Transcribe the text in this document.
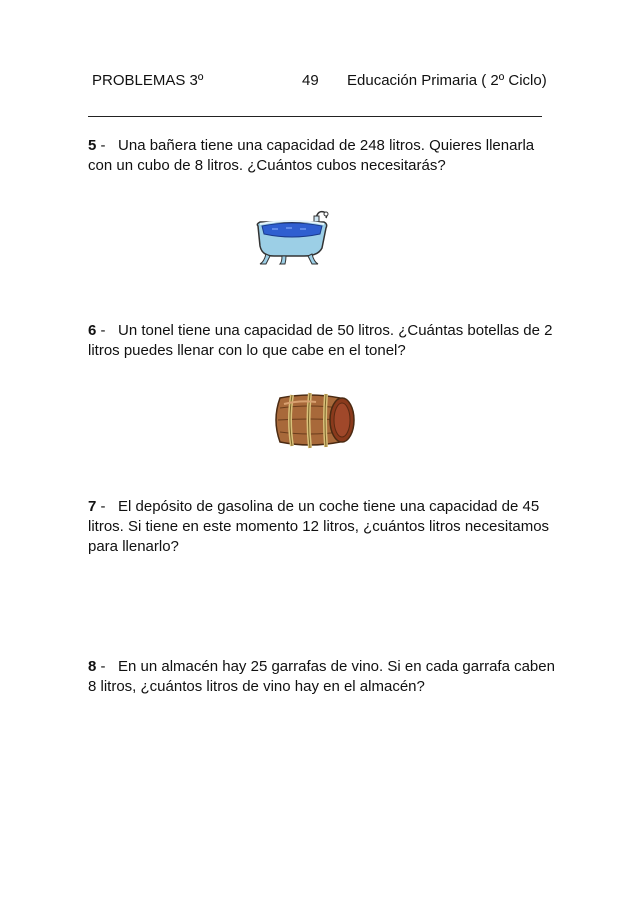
PROBLEMAS 3º	49 Educación Primaria ( 2º Ciclo)
5 -   Una bañera tiene una capacidad de 248 litros. Quieres llenarla con un cubo de 8 litros. ¿Cuántos cubos necesitarás?
6 -   Un tonel tiene una capacidad de 50 litros. ¿Cuántas botellas de 2 litros puedes llenar con lo que cabe en el tonel?
7 -   El depósito de gasolina de un coche tiene una capacidad de 45 litros. Si tiene en este momento 12 litros, ¿cuántos litros necesitamos para llenarlo?
8 -   En un almacén hay 25 garrafas de vino. Si en cada garrafa caben 8 litros, ¿cuántos litros de vino hay en el almacén?
